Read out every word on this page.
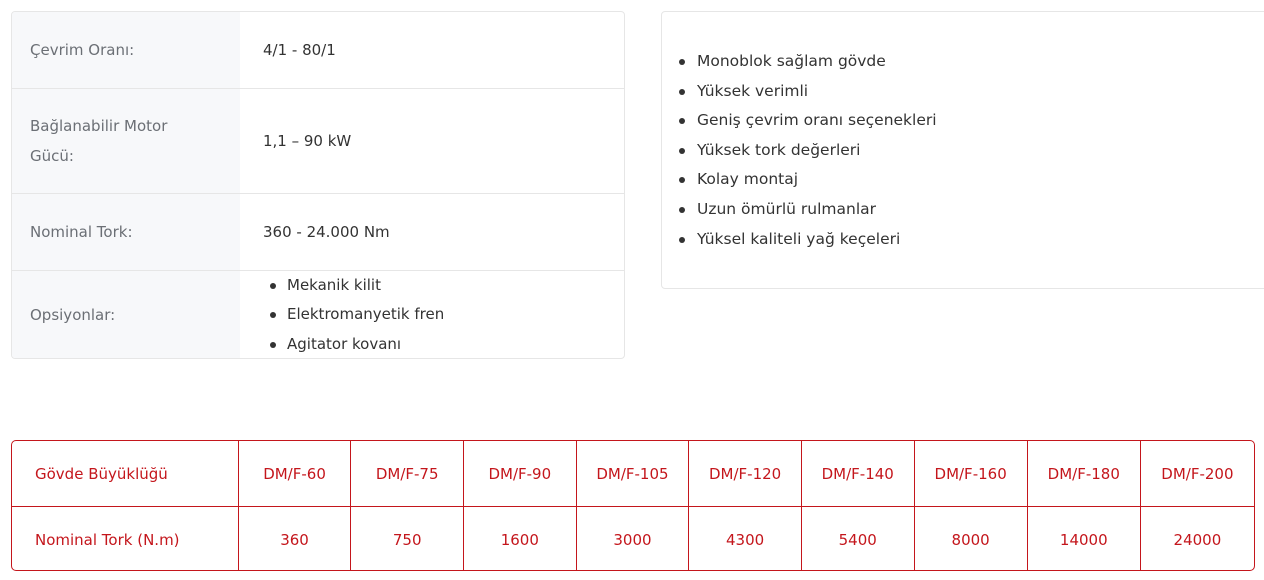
Çevrim Oranı:	4/1 - 80/1
Bağlanabilir Motor Gücü:
1,1 – 90 kW
Nominal Tork:	360 - 24.000 Nm
Opsiyonlar:
Mekanik kilit
Elektromanyetik fren
Agitator kovanı
Monoblok sağlam gövde
Yüksek verimli
Geniş çevrim oranı seçenekleri
Yüksek tork değerleri
Kolay montaj
Uzun ömürlü rulmanlar
Yüksel kaliteli yağ keçeleri
Gövde Büyüklüğü	DM/F-60	DM/F-75	DM/F-90	DM/F-105	DM/F-120	DM/F-140	DM/F-160	DM/F-180	DM/F-200
Nominal Tork (N.m)	360	750	1600	3000	4300	5400	8000	14000	24000
